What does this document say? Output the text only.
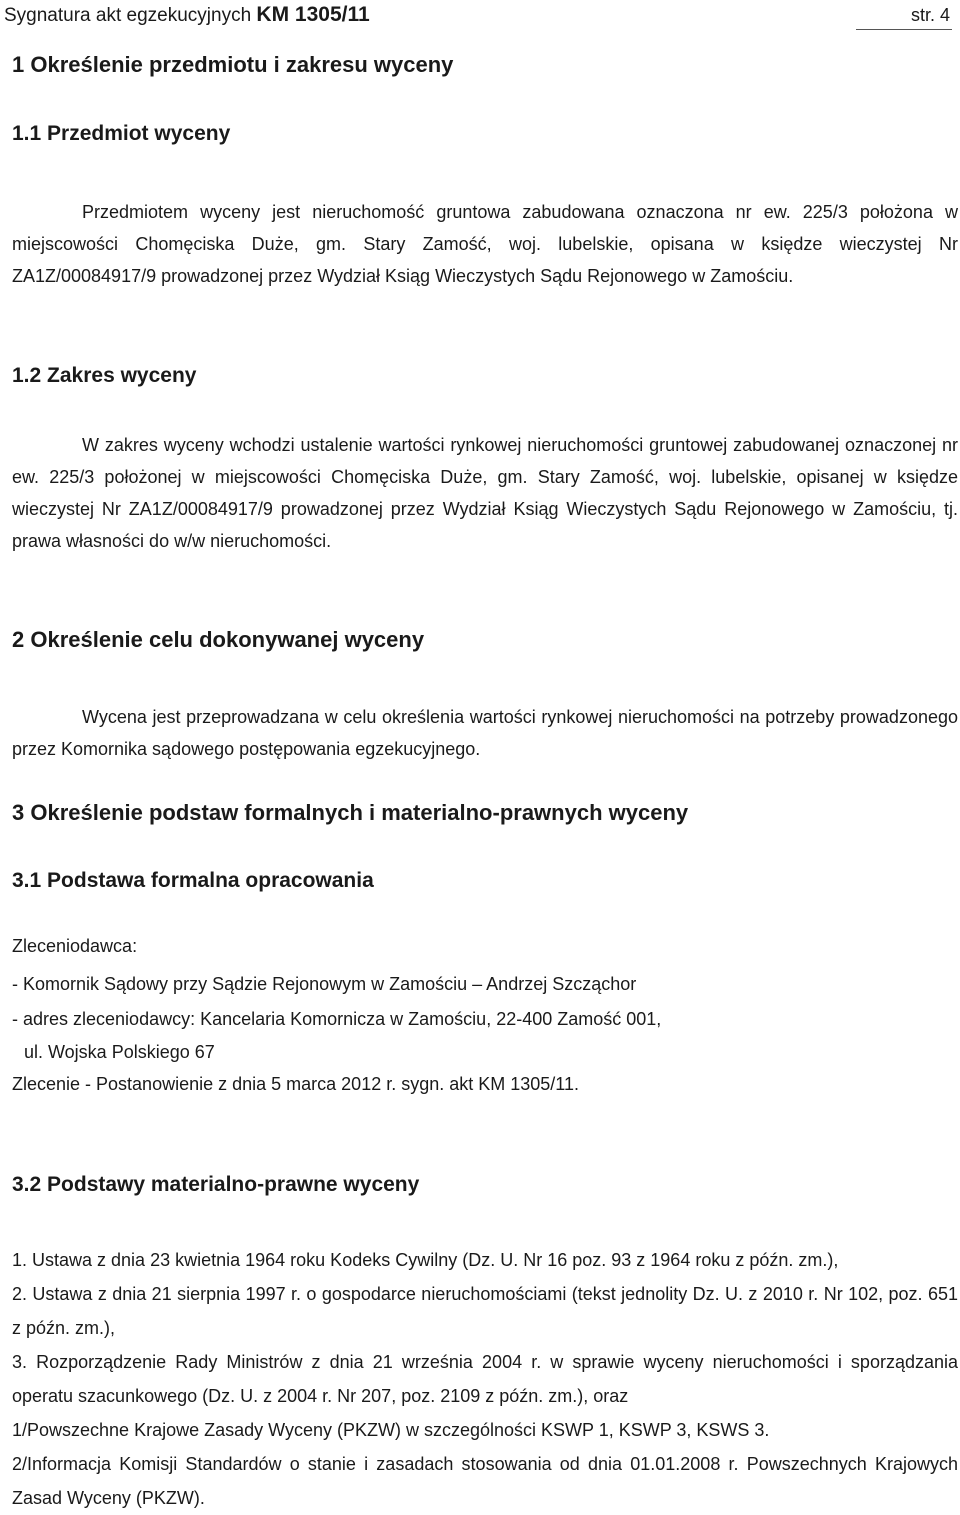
Sygnatura akt egzekucyjnych KM 1305/11	str. 4
1 Określenie przedmiotu i zakresu wyceny
1.1 Przedmiot wyceny
Przedmiotem wyceny jest nieruchomość gruntowa zabudowana oznaczona nr ew. 225/3 położona w miejscowości Chomęciska Duże, gm. Stary Zamość, woj. lubelskie, opisana w księdze wieczystej Nr ZA1Z/00084917/9 prowadzonej przez Wydział Ksiąg Wieczystych Sądu Rejonowego w Zamościu.
1.2 Zakres wyceny
W zakres wyceny wchodzi ustalenie wartości rynkowej nieruchomości gruntowej zabudowanej oznaczonej nr ew. 225/3 położonej w miejscowości Chomęciska Duże, gm. Stary Zamość, woj. lubelskie, opisanej w księdze wieczystej Nr ZA1Z/00084917/9 prowadzonej przez Wydział Ksiąg Wieczystych Sądu Rejonowego w Zamościu, tj. prawa własności do w/w nieruchomości.
2 Określenie celu dokonywanej wyceny
Wycena jest przeprowadzana w celu określenia wartości rynkowej nieruchomości na potrzeby prowadzonego przez Komornika sądowego postępowania egzekucyjnego.
3 Określenie podstaw formalnych i materialno-prawnych wyceny
3.1 Podstawa formalna opracowania
Zleceniodawca:
- Komornik Sądowy przy Sądzie Rejonowym w Zamościu – Andrzej Szcząchor
- adres zleceniodawcy: Kancelaria Komornicza w Zamościu, 22-400 Zamość 001,
ul. Wojska Polskiego 67
Zlecenie - Postanowienie z dnia 5 marca 2012 r. sygn. akt KM 1305/11.
3.2 Podstawy materialno-prawne wyceny

1. Ustawa z dnia 23 kwietnia 1964 roku Kodeks Cywilny (Dz. U. Nr 16 poz. 93 z 1964 roku z późn. zm.),

2. Ustawa z dnia 21 sierpnia 1997 r. o gospodarce nieruchomościami (tekst jednolity Dz. U. z 2010 r. Nr 102, poz. 651 z późn. zm.),

3. Rozporządzenie Rady Ministrów z dnia 21 września 2004 r. w sprawie wyceny nieruchomości i sporządzania operatu szacunkowego (Dz. U. z 2004 r. Nr 207, poz. 2109 z późn. zm.), oraz

1/Powszechne Krajowe Zasady Wyceny (PKZW) w szczególności KSWP 1, KSWP 3, KSWS 3.

2/Informacja Komisji Standardów o stanie i zasadach stosowania od dnia 01.01.2008 r. Powszechnych Krajowych Zasad Wyceny (PKZW).
